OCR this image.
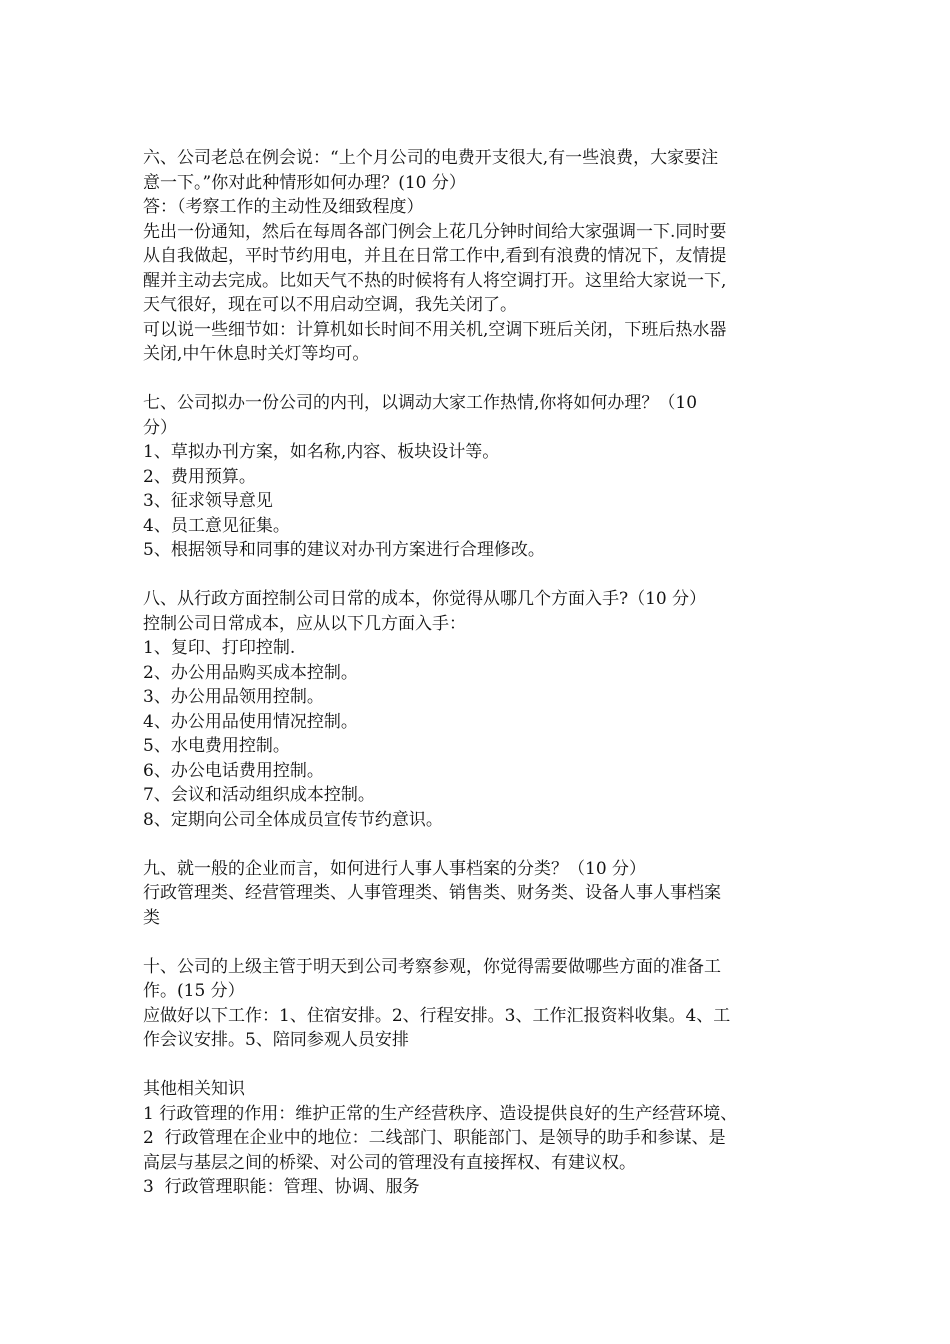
六、公司老总在例会说：“上个月公司的电费开支很大,有一些浪费，大家要注
意一下。”你对此种情形如何办理？(10 分）
答：（考察工作的主动性及细致程度）
先出一份通知，然后在每周各部门例会上花几分钟时间给大家强调一下.同时要
从自我做起，平时节约用电，并且在日常工作中,看到有浪费的情况下，友情提
醒并主动去完成。比如天气不热的时候将有人将空调打开。这里给大家说一下,
天气很好，现在可以不用启动空调，我先关闭了。
可以说一些细节如：计算机如长时间不用关机,空调下班后关闭，下班后热水器
关闭,中午休息时关灯等均可。
七、公司拟办一份公司的内刊，以调动大家工作热情,你将如何办理？（10
分）
1、草拟办刊方案，如名称,内容、板块设计等。
2、费用预算。
3、征求领导意见
4、员工意见征集。
5、根据领导和同事的建议对办刊方案进行合理修改。
八、从行政方面控制公司日常的成本，你觉得从哪几个方面入手?（10 分）
控制公司日常成本，应从以下几方面入手：
1、复印、打印控制.
2、办公用品购买成本控制。
3、办公用品领用控制。
4、办公用品使用情况控制。
5、水电费用控制。
6、办公电话费用控制。
7、会议和活动组织成本控制。
8、定期向公司全体成员宣传节约意识。
九、就一般的企业而言，如何进行人事人事档案的分类？（10 分）
行政管理类、经营管理类、人事管理类、销售类、财务类、设备人事人事档案
类
十、公司的上级主管于明天到公司考察参观，你觉得需要做哪些方面的准备工
作。(15 分）
应做好以下工作：1、住宿安排。2、行程安排。3、工作汇报资料收集。4、工
作会议安排。5、陪同参观人员安排
其他相关知识
1 行政管理的作用：维护正常的生产经营秩序、造设提供良好的生产经营环境、
2  行政管理在企业中的地位：二线部门、职能部门、是领导的助手和参谋、是
高层与基层之间的桥梁、对公司的管理没有直接挥权、有建议权。
3  行政管理职能：管理、协调、服务
